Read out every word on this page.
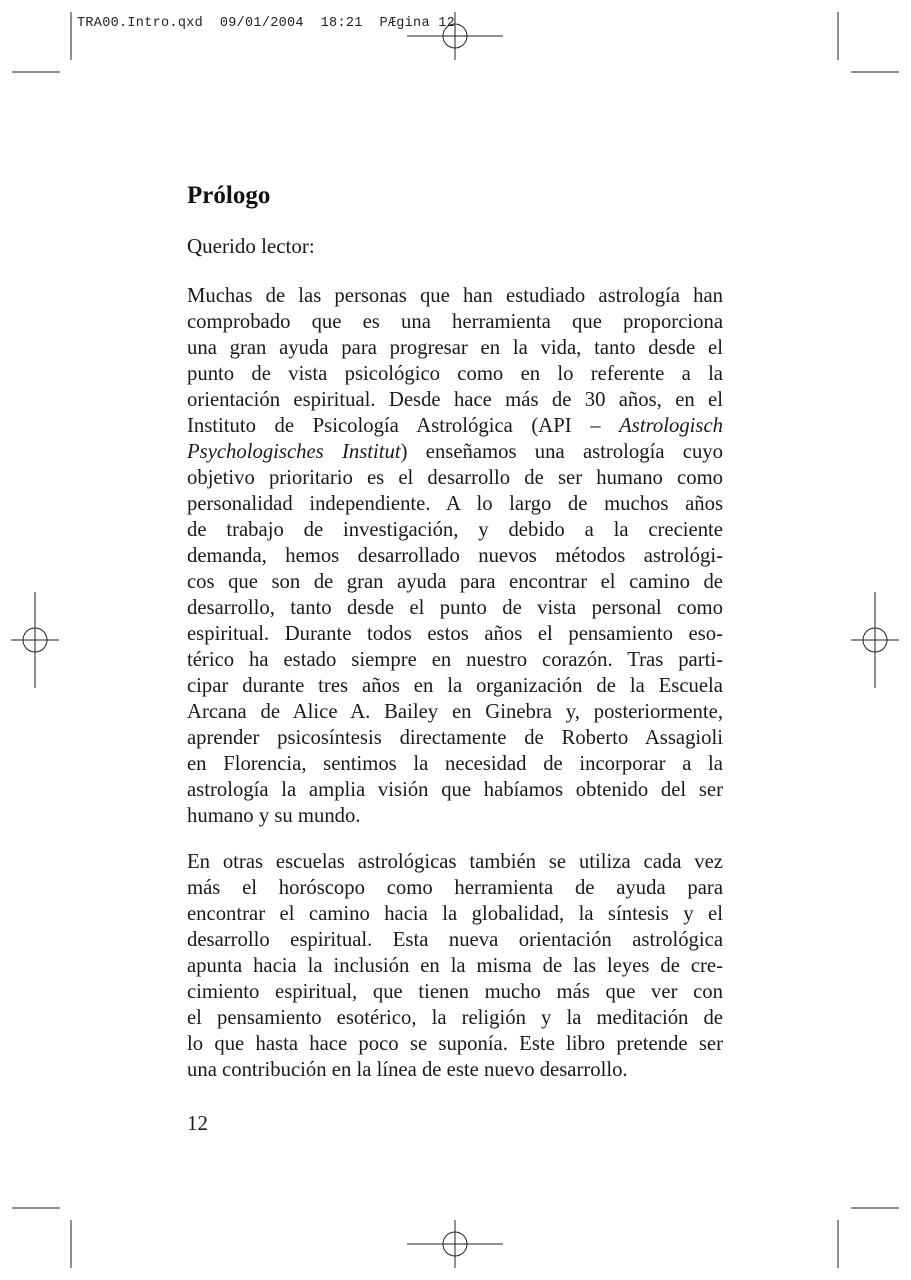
TRA00.Intro.qxd  09/01/2004  18:21  PÆgina 12
Prólogo

Querido lector:

Muchas de las personas que han estudiado astrología han
comprobado que es una herramienta que proporciona
una gran ayuda para progresar en la vida, tanto desde el
punto de vista psicológico como en lo referente a la
orientación espiritual. Desde hace más de 30 años, en el
Instituto de Psicología Astrológica (API – Astrologisch
Psychologisches Institut) enseñamos una astrología cuyo
objetivo prioritario es el desarrollo de ser humano como
personalidad independiente. A lo largo de muchos años
de trabajo de investigación, y debido a la creciente
demanda, hemos desarrollado nuevos métodos astrológi-
cos que son de gran ayuda para encontrar el camino de
desarrollo, tanto desde el punto de vista personal como
espiritual. Durante todos estos años el pensamiento eso-
térico ha estado siempre en nuestro corazón. Tras parti-
cipar durante tres años en la organización de la Escuela
Arcana de Alice A. Bailey en Ginebra y, posteriormente,
aprender psicosíntesis directamente de Roberto Assagioli
en Florencia, sentimos la necesidad de incorporar a la
astrología la amplia visión que habíamos obtenido del ser
humano y su mundo.
En otras escuelas astrológicas también se utiliza cada vez
más el horóscopo como herramienta de ayuda para
encontrar el camino hacia la globalidad, la síntesis y el
desarrollo espiritual. Esta nueva orientación astrológica
apunta hacia la inclusión en la misma de las leyes de cre-
cimiento espiritual, que tienen mucho más que ver con
el pensamiento esotérico, la religión y la meditación de
lo que hasta hace poco se suponía. Este libro pretende ser
una contribución en la línea de este nuevo desarrollo.

12
